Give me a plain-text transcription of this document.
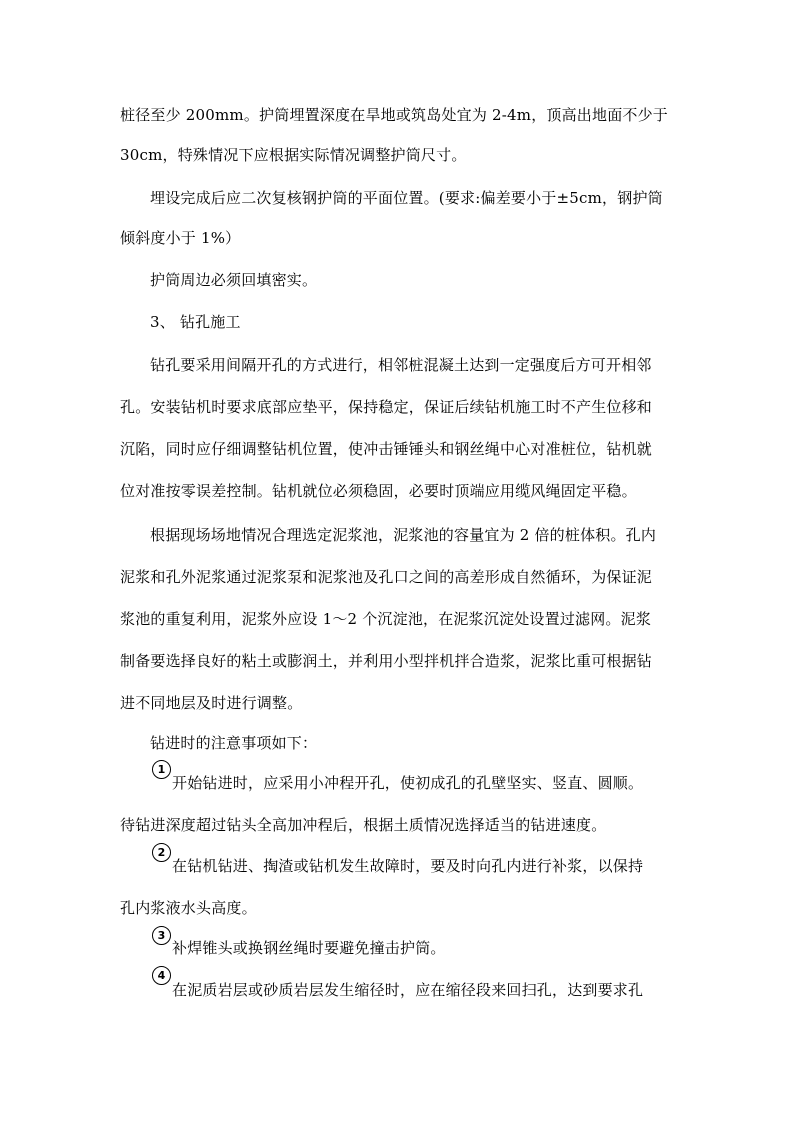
桩径至少 200mm。护筒埋置深度在旱地或筑岛处宜为 2-4m，顶高出地面不少于
30cm，特殊情况下应根据实际情况调整护筒尺寸。
埋设完成后应二次复核钢护筒的平面位置。(要求:偏差要小于±5cm，钢护筒
倾斜度小于 1%）
护筒周边必须回填密实。
3、 钻孔施工
钻孔要采用间隔开孔的方式进行，相邻桩混凝土达到一定强度后方可开相邻
孔。安装钻机时要求底部应垫平，保持稳定，保证后续钻机施工时不产生位移和
沉陷，同时应仔细调整钻机位置，使冲击锤锤头和钢丝绳中心对准桩位，钻机就
位对准按零误差控制。钻机就位必须稳固，必要时顶端应用缆风绳固定平稳。
根据现场场地情况合理选定泥浆池，泥浆池的容量宜为 2 倍的桩体积。孔内
泥浆和孔外泥浆通过泥浆泵和泥浆池及孔口之间的高差形成自然循环，为保证泥
浆池的重复利用，泥浆外应设 1～2 个沉淀池，在泥浆沉淀处设置过滤网。泥浆
制备要选择良好的粘土或膨润土，并利用小型拌机拌合造浆，泥浆比重可根据钻
进不同地层及时进行调整。
钻进时的注意事项如下：
1
开始钻进时，应采用小冲程开孔，使初成孔的孔壁坚实、竖直、圆顺。
待钻进深度超过钻头全高加冲程后，根据土质情况选择适当的钻进速度。
2
在钻机钻进、掏渣或钻机发生故障时，要及时向孔内进行补浆，以保持
孔内浆液水头高度。
3
补焊锥头或换钢丝绳时要避免撞击护筒。
4
在泥质岩层或砂质岩层发生缩径时，应在缩径段来回扫孔，达到要求孔
